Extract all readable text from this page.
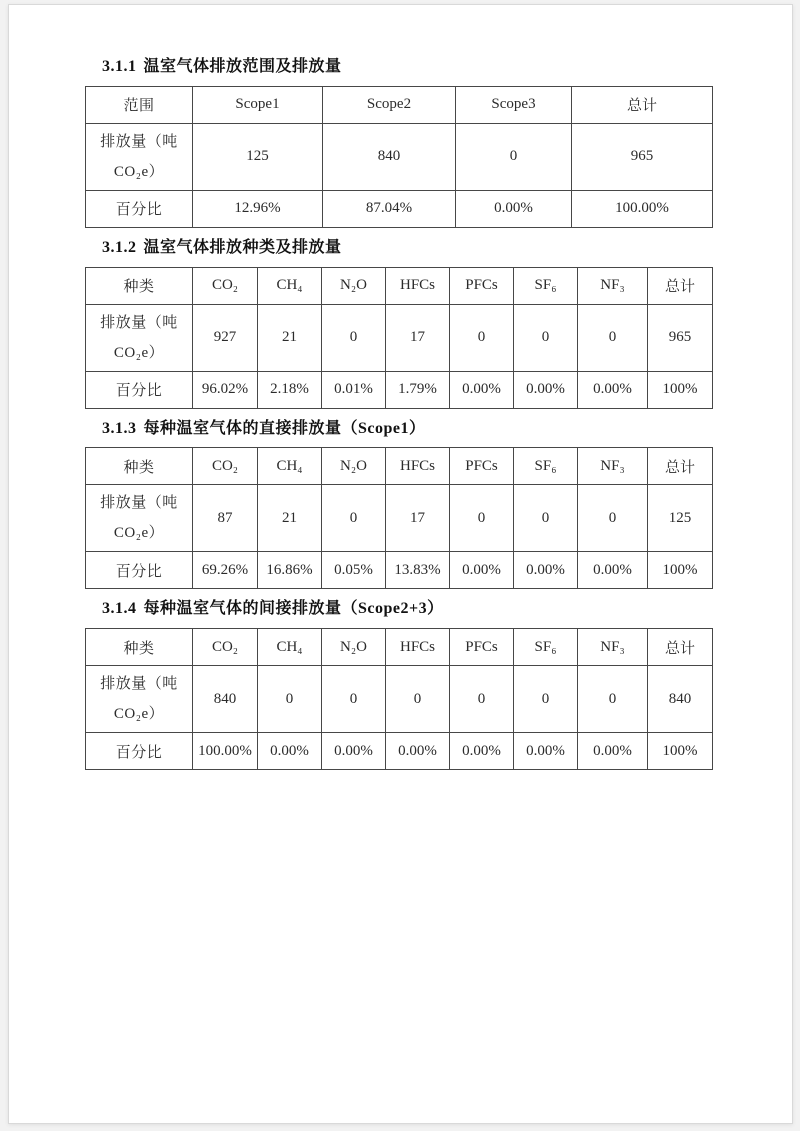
3.1.1 温室气体排放范围及排放量
范围	Scope1	Scope2	Scope3	总计
排放量（吨CO₂e）	125	840	0	965
百分比	12.96%	87.04%	0.00%	100.00%
3.1.2 温室气体排放种类及排放量
种类	CO₂	CH₄	N₂O	HFCs	PFCs	SF₆	NF₃	总计
排放量（吨CO₂e）	927	21	0	17	0	0	0	965
百分比	96.02%	2.18%	0.01%	1.79%	0.00%	0.00%	0.00%	100%
3.1.3 每种温室气体的直接排放量（Scope1）
种类	CO₂	CH₄	N₂O	HFCs	PFCs	SF₆	NF₃	总计
排放量（吨CO₂e）	87	21	0	17	0	0	0	125
百分比	69.26%	16.86%	0.05%	13.83%	0.00%	0.00%	0.00%	100%
3.1.4 每种温室气体的间接排放量（Scope2+3）
种类	CO₂	CH₄	N₂O	HFCs	PFCs	SF₆	NF₃	总计
排放量（吨CO₂e）	840	0	0	0	0	0	0	840
百分比	100.00%	0.00%	0.00%	0.00%	0.00%	0.00%	0.00%	100%
